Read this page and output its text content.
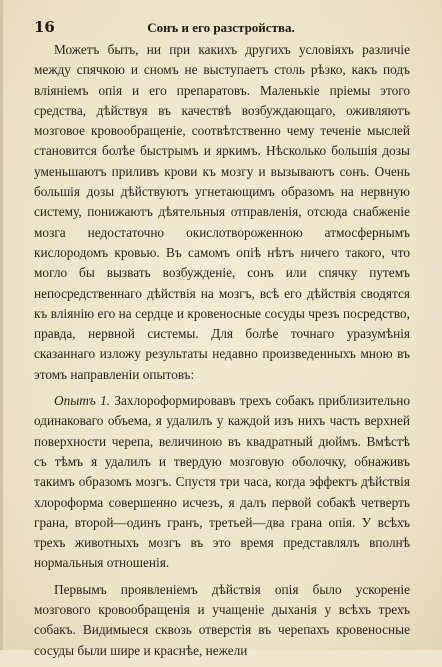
16	Сонъ и его разстройства.

Можетъ быть, ни при какихъ другихъ условіяхъ различіе между спячкою и сномъ не выступаетъ столь рѣзко, какъ подъ вліяніемъ опія и его препаратовъ. Маленькіе пріемы этого средства, дѣйствуя въ качествѣ возбуждающаго, оживляютъ мозговое кровообращеніе, соотвѣтственно чему теченіе мыслей становится болѣе быстрымъ и яркимъ. Нѣсколько большія дозы уменьшаютъ приливъ крови къ мозгу и вызываютъ сонъ. Очень большія дозы дѣйствуютъ угнетающимъ образомъ на нервную систему, понижаютъ дѣятельныя отправленія, отсюда снабженіе мозга недостаточно окислотвороженною атмосфернымъ кислородомъ кровью. Въ самомъ опіѣ нѣтъ ничего такого, что могло бы вызвать возбужденіе, сонъ или спячку путемъ непосредственнаго дѣйствія на мозгъ, всѣ его дѣйствія сводятся къ вліянію его на сердце и кровеносные сосуды чрезъ посредство, правда, нервной системы. Для болѣе точнаго уразумѣнія сказаннаго изложу результаты недавно произведенныхъ мною въ этомъ направленіи опытовъ:

Опытъ 1. Захлороформировавъ трехъ собакъ приблизительно одинаковаго объема, я удалилъ у каждой изъ нихъ часть верхней поверхности черепа, величиною въ квадратный дюймъ. Вмѣстѣ съ тѣмъ я удалилъ и твердую мозговую оболочку, обнаживъ такимъ образомъ мозгъ. Спустя три часа, когда эффектъ дѣйствія хлороформа совершенно исчезъ, я далъ первой собакѣ четверть грана, второй—одинъ гранъ, третьей—два грана опія. У всѣхъ трехъ животныхъ мозгъ въ это время представлялъ вполнѣ нормальныя отношенія.

Первымъ проявленіемъ дѣйствія опія было ускореніе мозгового кровообращенія и учащеніе дыханія у всѣхъ трехъ собакъ. Видимыеся сквозь отверстія въ черепахъ кровеносные сосуды были шире и краснѣе, нежели
